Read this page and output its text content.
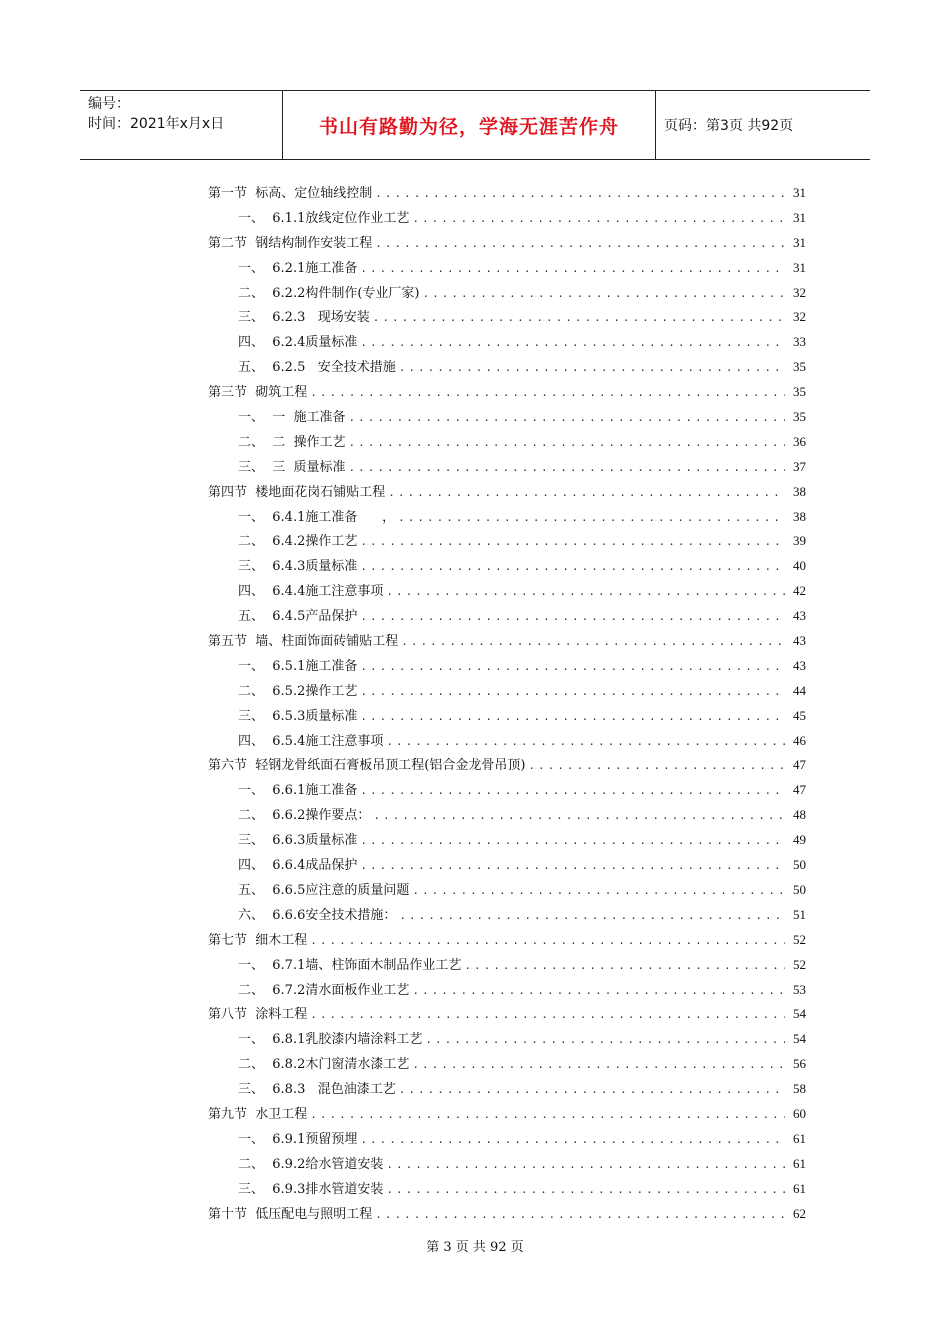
编号：
时间：2021年x月x日	书山有路勤为径，学海无涯苦作舟	页码：第3页 共92页
第一节  标高、定位轴线控制 .....	31
一、 6.1.1放线定位作业工艺 .....	31
第二节  钢结构制作安装工程 .....	31
一、 6.2.1施工准备 .....	31
二、 6.2.2构件制作(专业厂家) .....	32
三、 6.2.3   现场安装 .....	32
四、 6.2.4质量标准 .....	33
五、 6.2.5   安全技术措施 .....	35
第三节  砌筑工程 .....	35
一、 一  施工准备 .....	35
二、 二  操作工艺 .....	36
三、 三  质量标准 .....	37
第四节  楼地面花岗石铺贴工程 .....	38
一、 6.4.1施工准备      ， .....	38
二、 6.4.2操作工艺 .....	39
三、 6.4.3质量标准 .....	40
四、 6.4.4施工注意事项 .....	42
五、 6.4.5产品保护 .....	43
第五节  墙、柱面饰面砖铺贴工程 .....	43
一、 6.5.1施工准备 .....	43
二、 6.5.2操作工艺 .....	44
三、 6.5.3质量标准 .....	45
四、 6.5.4施工注意事项 .....	46
第六节  轻钢龙骨纸面石膏板吊顶工程(铝合金龙骨吊顶) .....	47
一、 6.6.1施工准备 .....	47
二、 6.6.2操作要点： .....	48
三、 6.6.3质量标准 .....	49
四、 6.6.4成品保护 .....	50
五、 6.6.5应注意的质量问题 .....	50
六、 6.6.6安全技术措施： .....	51
第七节  细木工程 .....	52
一、 6.7.1墙、柱饰面木制品作业工艺 .....	52
二、 6.7.2清水面板作业工艺 .....	53
第八节  涂料工程 .....	54
一、 6.8.1乳胶漆内墙涂料工艺 .....	54
二、 6.8.2木门窗清水漆工艺 .....	56
三、 6.8.3   混色油漆工艺 .....	58
第九节  水卫工程 .....	60
一、 6.9.1预留预埋 .....	61
二、 6.9.2给水管道安装 .....	61
三、 6.9.3排水管道安装 .....	61
第十节  低压配电与照明工程 .....	62
第 3 页 共 92 页
